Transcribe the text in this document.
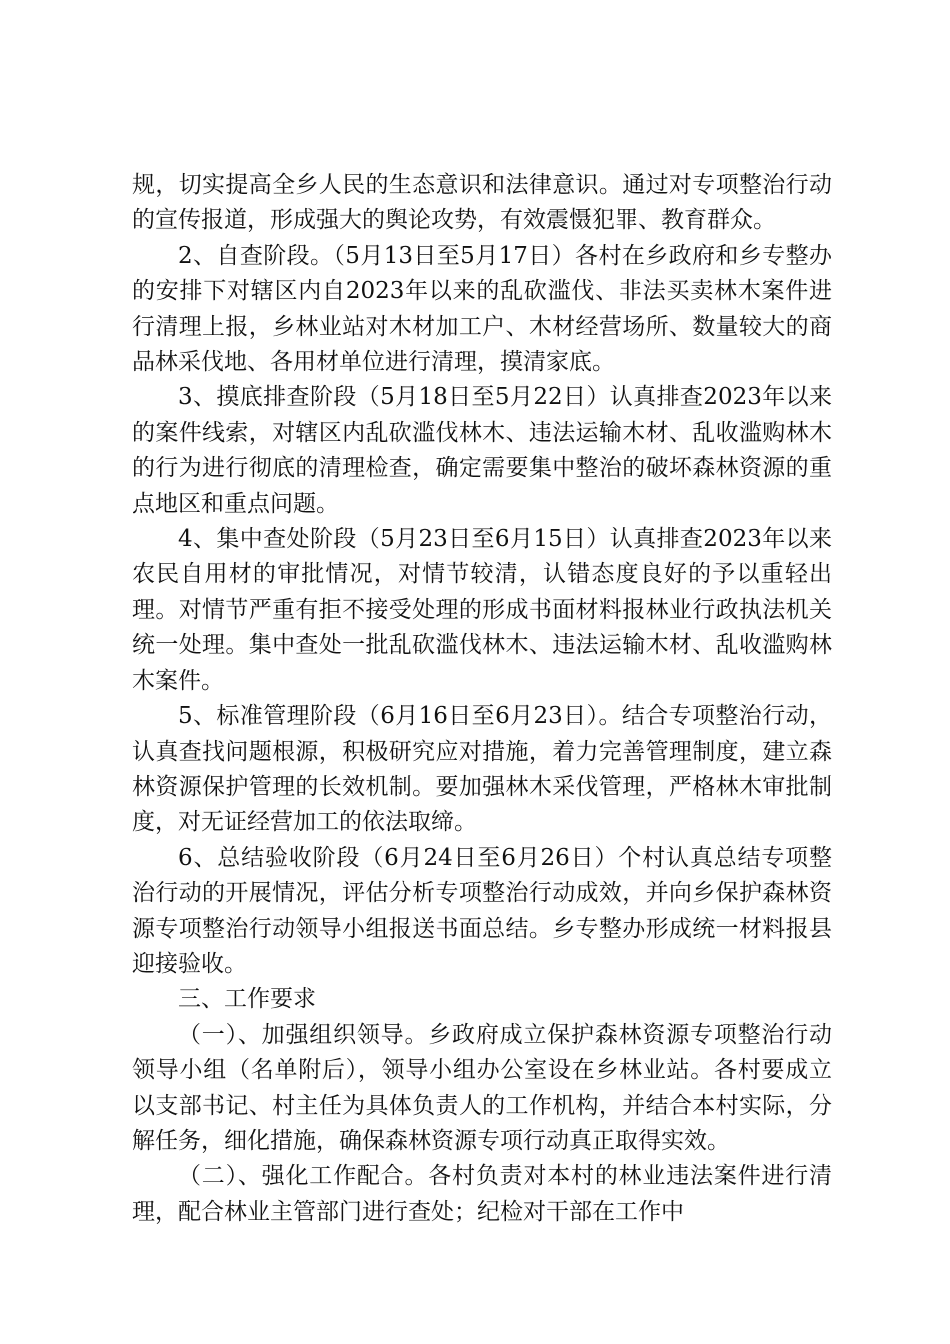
规，切实提高全乡人民的生态意识和法律意识。通过对专项整治行动的宣传报道，形成强大的舆论攻势，有效震慑犯罪、教育群众。

2、自查阶段。（5月13日至5月17日）各村在乡政府和乡专整办的安排下对辖区内自2023年以来的乱砍滥伐、非法买卖林木案件进行清理上报，乡林业站对木材加工户、木材经营场所、数量较大的商品林采伐地、各用材单位进行清理，摸清家底。

3、摸底排查阶段（5月18日至5月22日）认真排查2023年以来的案件线索，对辖区内乱砍滥伐林木、违法运输木材、乱收滥购林木的行为进行彻底的清理检查，确定需要集中整治的破坏森林资源的重点地区和重点问题。

4、集中查处阶段（5月23日至6月15日）认真排查2023年以来农民自用材的审批情况，对情节较清，认错态度良好的予以重轻出理。对情节严重有拒不接受处理的形成书面材料报林业行政执法机关统一处理。集中查处一批乱砍滥伐林木、违法运输木材、乱收滥购林木案件。

5、标准管理阶段（6月16日至6月23日）。结合专项整治行动，认真查找问题根源，积极研究应对措施，着力完善管理制度，建立森林资源保护管理的长效机制。要加强林木采伐管理，严格林木审批制度，对无证经营加工的依法取缔。

6、总结验收阶段（6月24日至6月26日）个村认真总结专项整治行动的开展情况，评估分析专项整治行动成效，并向乡保护森林资源专项整治行动领导小组报送书面总结。乡专整办形成统一材料报县迎接验收。

三、工作要求

（一）、加强组织领导。乡政府成立保护森林资源专项整治行动领导小组（名单附后），领导小组办公室设在乡林业站。各村要成立以支部书记、村主任为具体负责人的工作机构，并结合本村实际，分解任务，细化措施，确保森林资源专项行动真正取得实效。

（二）、强化工作配合。各村负责对本村的林业违法案件进行清理，配合林业主管部门进行查处；纪检对干部在工作中
